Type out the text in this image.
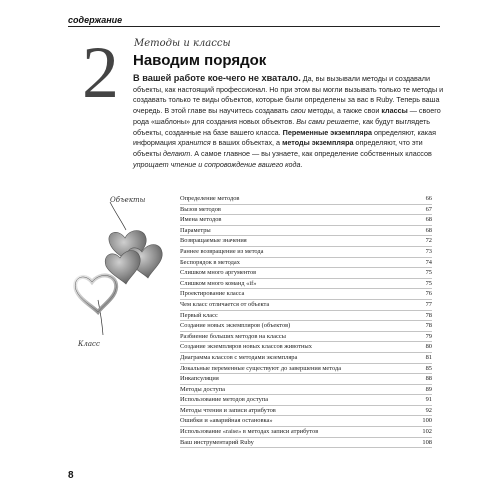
содержание
2 Методы и классы
Наводим порядок

В вашей работе кое-чего не хватало. Да, вы вызывали методы и создавали объекты, как настоящий профессионал. Но при этом вы могли вызывать только те методы и создавать только те виды объектов, которые были определены за вас в Ruby. Теперь ваша очередь. В этой главе вы научитесь создавать свои методы, а также свои классы — своего рода «шаблоны» для создания новых объектов. Вы сами решаете, как будут выглядеть объекты, созданные на базе вашего класса. Переменные экземпляра определяют, какая информация хранится в ваших объектах, а методы экземпляра определяют, что эти объекты делают. А самое главное — вы узнаете, как определение собственных классов упрощает чтение и сопровождение вашего кода.

Объекты
Класс
Определение методов	66
Вызов методов	67
Имена методов	68
Параметры	68
Возвращаемые значения	72
Раннее возвращение из метода	73
Беспорядок в методах	74
Слишком много аргументов	75
Слишком много команд «if»	75
Проектирование класса	76
Чем класс отличается от объекта	77
Первый класс	78
Создание новых экземпляров (объектов)	78
Разбиение больших методов на классы	79
Создание экземпляров новых классов животных	80
Диаграмма классов с методами экземпляра	81
Локальные переменные существуют до завершения метода	85
Инкапсуляция	88
Методы доступа	89
Использование методов доступа	91
Методы чтения и записи атрибутов	92
Ошибки и «аварийная остановка»	100
Использование «raise» в методах записи атрибутов	102
Ваш инструментарий Ruby	108
8
